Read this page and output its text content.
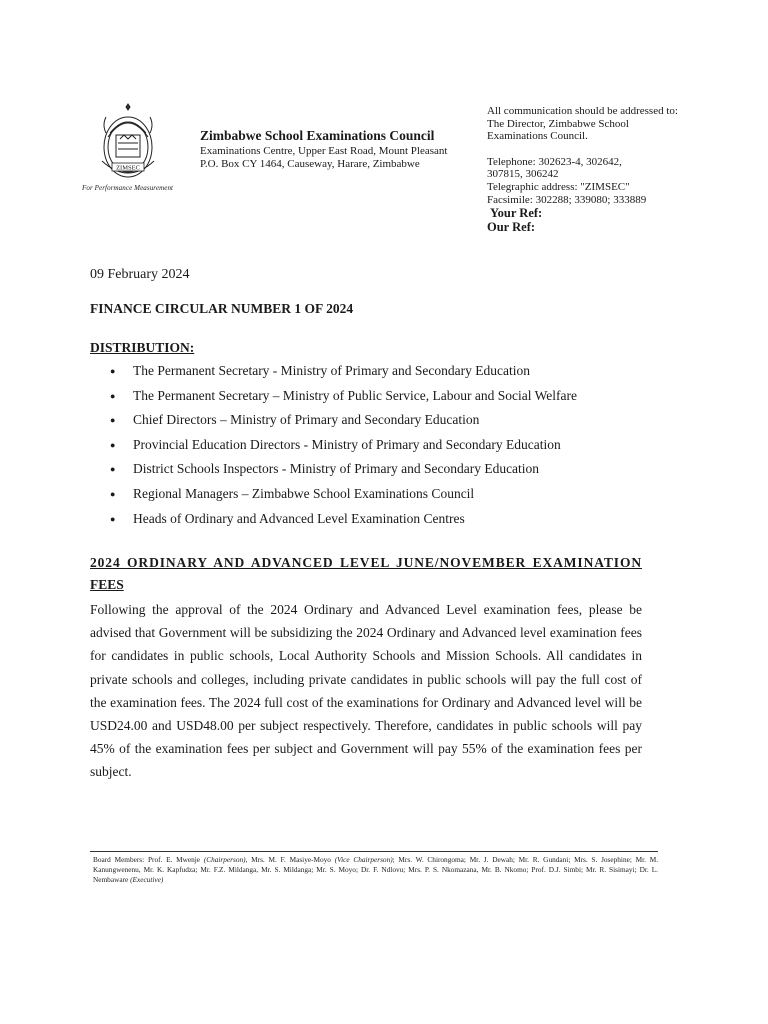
ZIMSEC
For Performance Measurement
Zimbabwe School Examinations Council
Examinations Centre, Upper East Road, Mount Pleasant
P.O. Box CY 1464, Causeway, Harare, Zimbabwe
All communication should be addressed to:
The Director, Zimbabwe School
Examinations Council.
Telephone: 302623-4, 302642,
307815, 306242
Telegraphic address: "ZIMSEC"
Facsimile: 302288; 339080; 333889
Your Ref:
Our Ref:
09 February 2024
FINANCE CIRCULAR NUMBER 1 OF 2024
DISTRIBUTION:
● The Permanent Secretary - Ministry of Primary and Secondary Education
● The Permanent Secretary – Ministry of Public Service, Labour and Social Welfare
● Chief Directors – Ministry of Primary and Secondary Education
● Provincial Education Directors - Ministry of Primary and Secondary Education
● District Schools Inspectors - Ministry of Primary and Secondary Education
● Regional Managers – Zimbabwe School Examinations Council
● Heads of Ordinary and Advanced Level Examination Centres
2024 ORDINARY AND ADVANCED LEVEL JUNE/NOVEMBER EXAMINATION
FEES
Following the approval of the 2024 Ordinary and Advanced Level examination fees, please be advised that Government will be subsidizing the 2024 Ordinary and Advanced level examination fees for candidates in public schools, Local Authority Schools and Mission Schools. All candidates in private schools and colleges, including private candidates in public schools will pay the full cost of the examination fees. The 2024 full cost of the examinations for Ordinary and Advanced level will be USD24.00 and USD48.00 per subject respectively. Therefore, candidates in public schools will pay 45% of the examination fees per subject and Government will pay 55% of the examination fees per subject.
Board Members: Prof. E. Mwenje (Chairperson), Mrs. M. F. Masiye-Moyo (Vice Chairperson); Mrs. W. Chirongoma; Mr. J. Dewah; Mr. R. Gundani; Mrs. S. Josephine; Mr. M. Kanungwenenu, Mr. K. Kapfudza; Mr. F.Z. Mildanga, Mr. S. Mildanga; Mr. S. Moyo; Dr. F. Ndlovu; Mrs. P. S. Nkomazana, Mr. B. Nkomo; Prof. D.J. Simbi; Mr. R. Sisimayi; Dr. L. Nembaware (Executive)
